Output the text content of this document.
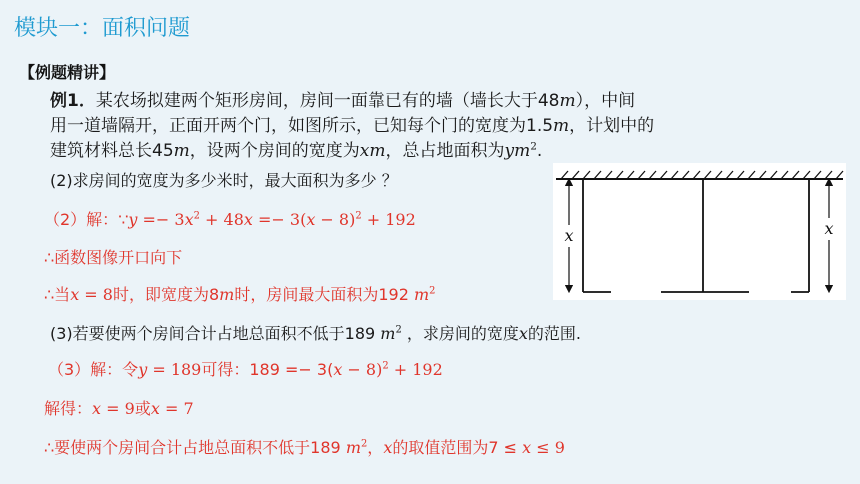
模块一：面积问题
【例题精讲】
例1．某农场拟建两个矩形房间，房间一面靠已有的墙（墙长大于48m），中间
用一道墙隔开，正面开两个门，如图所示，已知每个门的宽度为1.5m，计划中的
建筑材料总长45m，设两个房间的宽度为xm，总占地面积为$ym^2$.
(2)求房间的宽度为多少米时，最大面积为多少 ？
（2）解：∵y =− $3x^2 + 48x =- 3(x - 8)^2 + 192$
∴函数图像开口向下
∴当x = 8时，即宽度为8m时，房间最大面积为192 $m^2$
(3)若要使两个房间合计占地总面积不低于189 $m^2$ ，求房间的宽度x的范围.
（3）解：令y = 189可得：$189 =- 3(x - 8)^2 + 192$
解得：x = 9或x = 7
∴要使两个房间合计占地总面积不低于189 $m^2$，x的取值范围为7 ≤ x ≤ 9
x	x
